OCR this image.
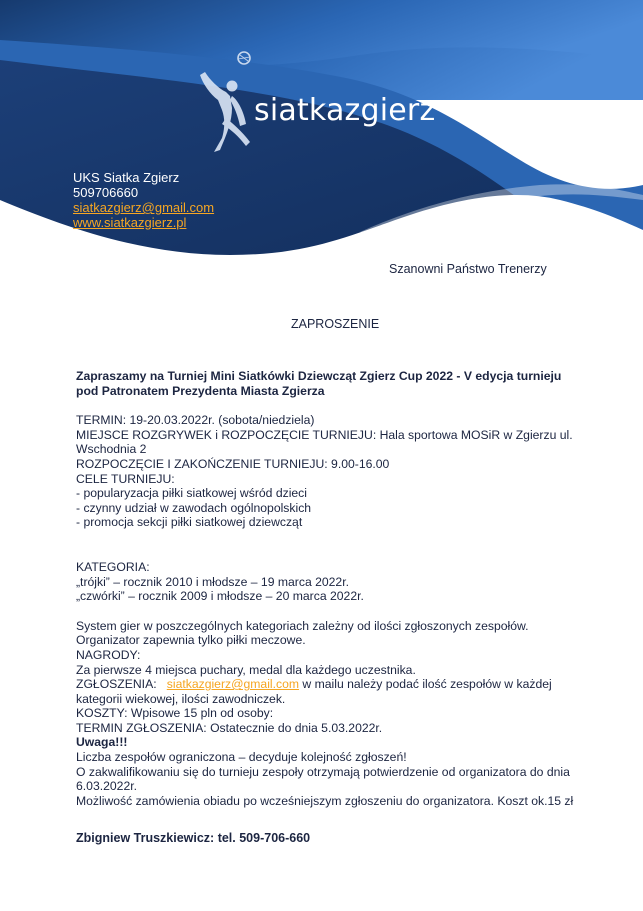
siatkazgierz
UKS Siatka Zgierz
509706660
siatkazgierz@gmail.com
www.siatkazgierz.pl
Szanowni Państwo Trenerzy
ZAPROSZENIE

Zapraszamy na Turniej Mini Siatkówki Dziewcząt Zgierz Cup 2022 - V edycja turnieju pod Patronatem Prezydenta Miasta Zgierza

TERMIN: 19-20.03.2022r. (sobota/niedziela)

MIEJSCE ROZGRYWEK i ROZPOCZĘCIE TURNIEJU: Hala sportowa MOSiR w Zgierzu ul. Wschodnia 2

ROZPOCZĘCIE I ZAKOŃCZENIE TURNIEJU: 9.00-16.00

CELE TURNIEJU:

- popularyzacja piłki siatkowej wśród dzieci

- czynny udział w zawodach ogólnopolskich

- promocja sekcji piłki siatkowej dziewcząt

KATEGORIA:

„trójki” – rocznik 2010 i młodsze – 19 marca 2022r.

„czwórki” – rocznik 2009 i młodsze – 20 marca 2022r.

System gier w poszczególnych kategoriach zależny od ilości zgłoszonych zespołów.

Organizator zapewnia tylko piłki meczowe.

NAGRODY:

Za pierwsze 4 miejsca puchary, medal dla każdego uczestnika.

ZGŁOSZENIA: siatkazgierz@gmail.com w mailu należy podać ilość zespołów w każdej kategorii wiekowej, ilości zawodniczek.

KOSZTY: Wpisowe 15 pln od osoby:

TERMIN ZGŁOSZENIA: Ostatecznie do dnia 5.03.2022r.

Uwaga!!!

Liczba zespołów ograniczona – decyduje kolejność zgłoszeń!

O zakwalifikowaniu się do turnieju zespoły otrzymają potwierdzenie od organizatora do dnia 6.03.2022r.

Możliwość zamówienia obiadu po wcześniejszym zgłoszeniu do organizatora. Koszt ok.15 zł

Zbigniew Truszkiewicz: tel. 509-706-660
